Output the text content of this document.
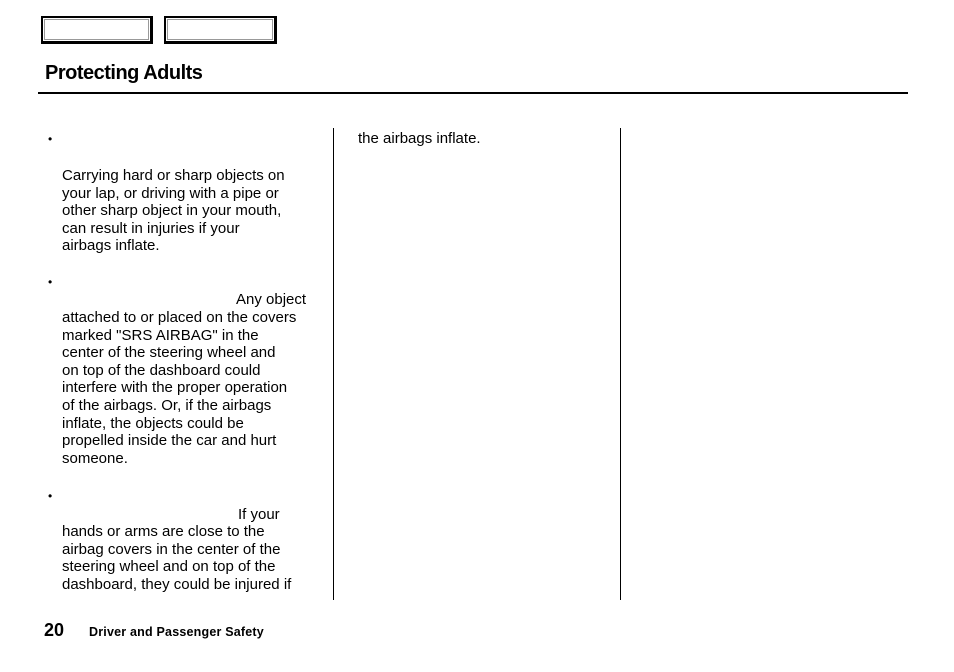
Protecting Adults
•

Carrying hard or sharp objects on
your lap, or driving with a pipe or
other sharp object in your mouth,
can result in injuries if your
airbags inflate.

•
Any object

attached to or placed on the covers
marked "SRS AIRBAG" in the
center of the steering wheel and
on top of the dashboard could
interfere with the proper operation
of the airbags. Or, if the airbags
inflate, the objects could be
propelled inside the car and hurt
someone.

•
If your

hands or arms are close to the
airbag covers in the center of the
steering wheel and on top of the
dashboard, they could be injured if

the airbags inflate.
20 Driver and Passenger Safety
